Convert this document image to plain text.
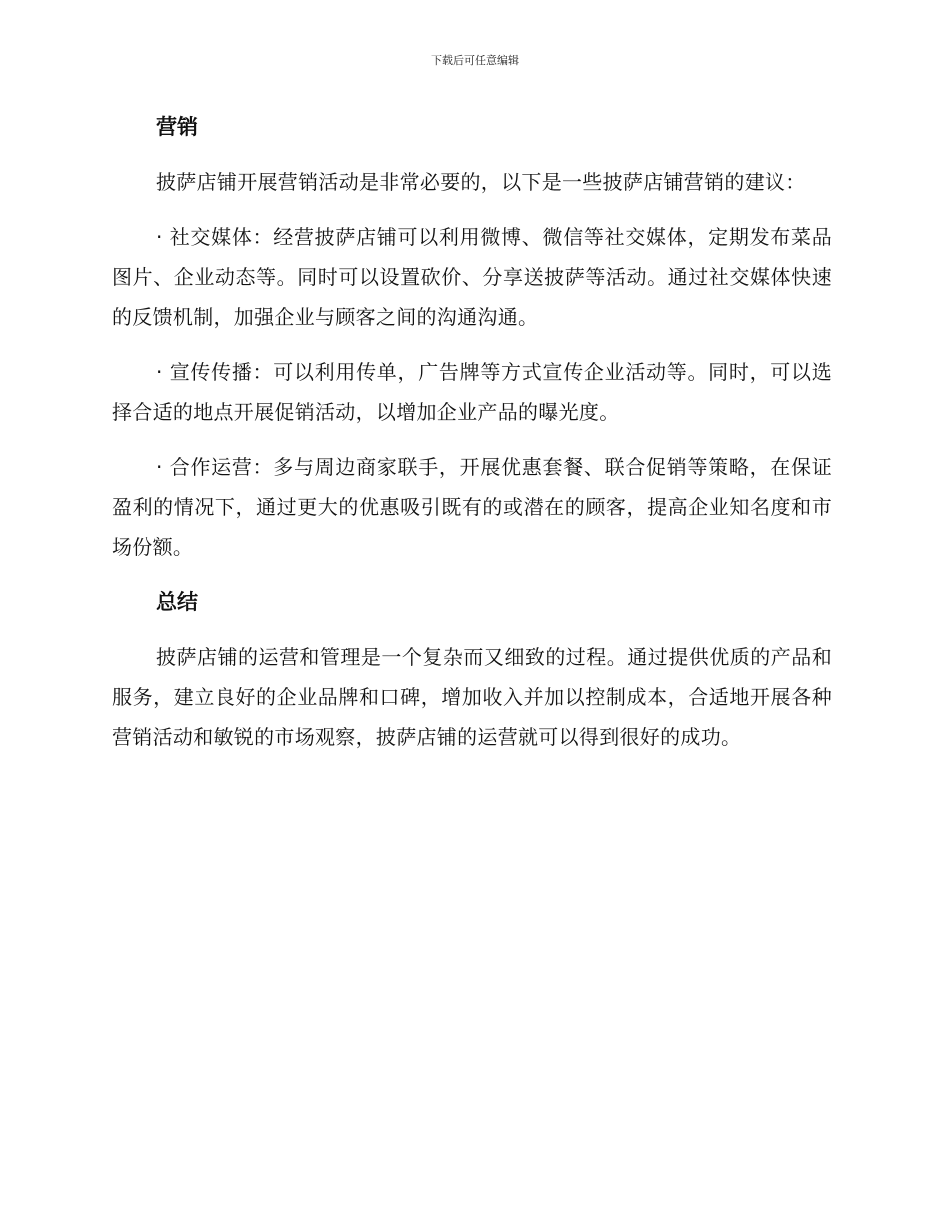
下载后可任意编辑
营销

披萨店铺开展营销活动是非常必要的，以下是一些披萨店铺营销的建议：

· 社交媒体：经营披萨店铺可以利用微博、微信等社交媒体，定期发布菜品图片、企业动态等。同时可以设置砍价、分享送披萨等活动。通过社交媒体快速的反馈机制，加强企业与顾客之间的沟通沟通。

· 宣传传播：可以利用传单，广告牌等方式宣传企业活动等。同时，可以选择合适的地点开展促销活动，以增加企业产品的曝光度。

· 合作运营：多与周边商家联手，开展优惠套餐、联合促销等策略，在保证盈利的情况下，通过更大的优惠吸引既有的或潜在的顾客，提高企业知名度和市场份额。

总结

披萨店铺的运营和管理是一个复杂而又细致的过程。通过提供优质的产品和服务，建立良好的企业品牌和口碑，增加收入并加以控制成本，合适地开展各种营销活动和敏锐的市场观察，披萨店铺的运营就可以得到很好的成功。
